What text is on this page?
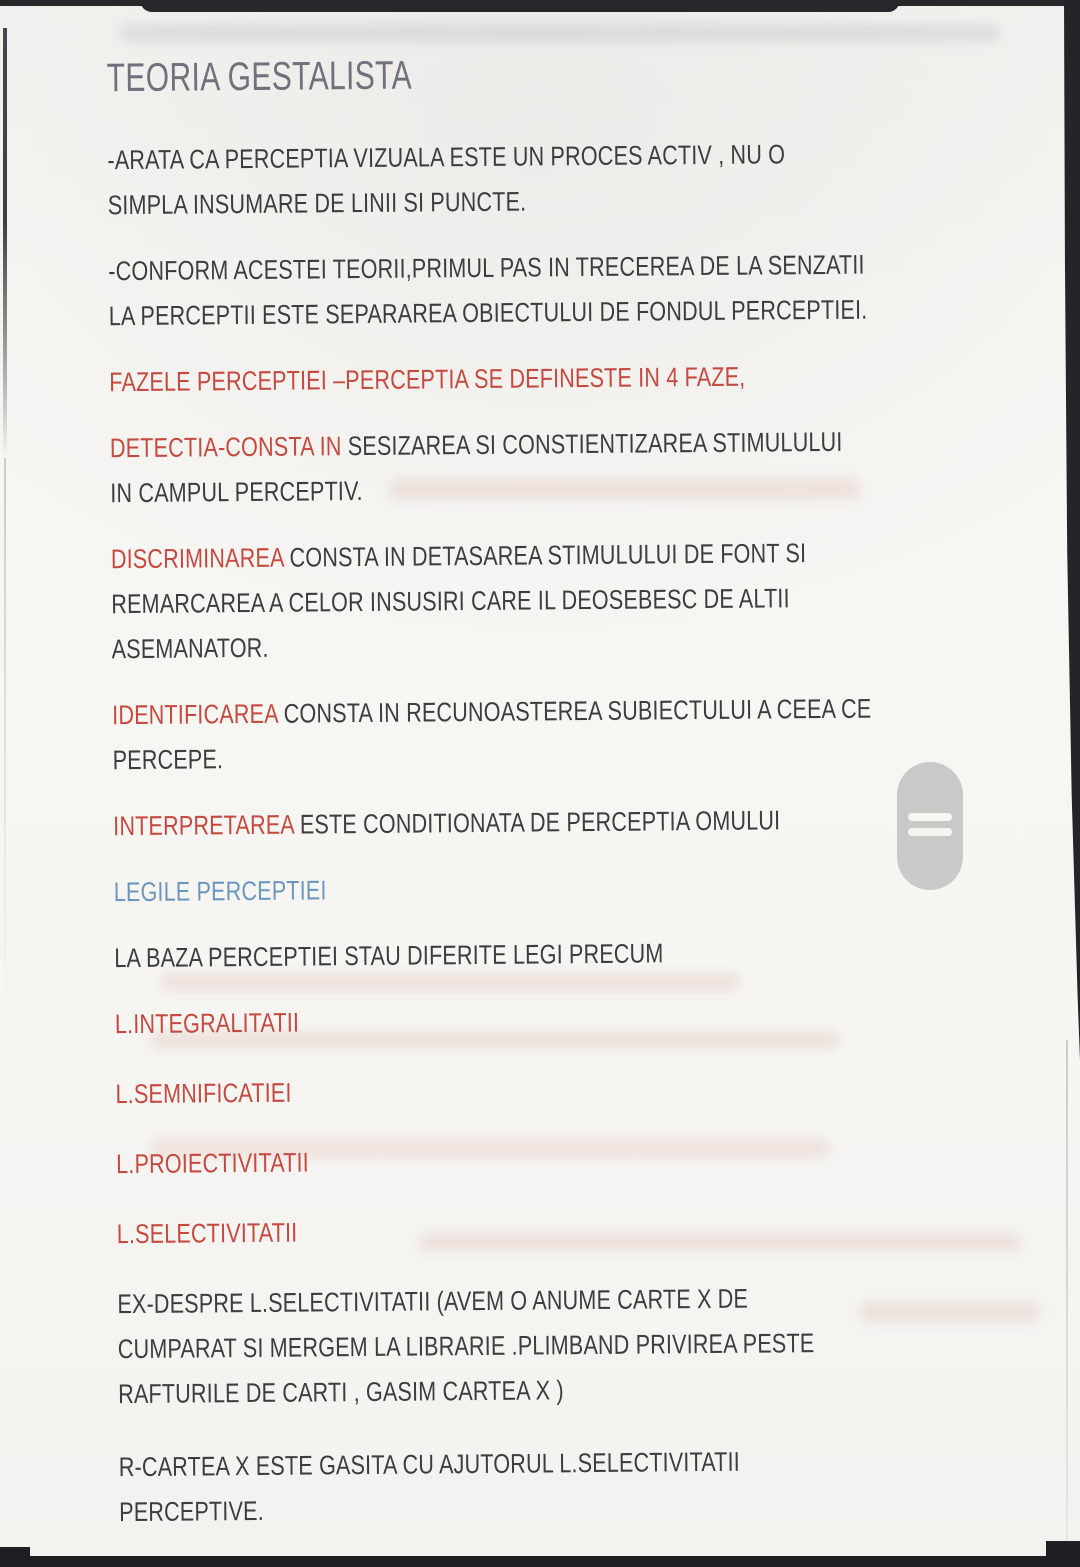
TEORIA GESTALISTA
-ARATA CA PERCEPTIA VIZUALA ESTE UN PROCES ACTIV , NU O
SIMPLA INSUMARE DE LINII SI PUNCTE.
-CONFORM ACESTEI TEORII,PRIMUL PAS IN TRECEREA DE LA SENZATII
LA PERCEPTII ESTE SEPARAREA OBIECTULUI DE FONDUL PERCEPTIEI.
FAZELE PERCEPTIEI –PERCEPTIA SE DEFINESTE IN 4 FAZE,
DETECTIA-CONSTA IN SESIZAREA SI CONSTIENTIZAREA STIMULULUI
IN CAMPUL PERCEPTIV.
DISCRIMINAREA CONSTA IN DETASAREA STIMULULUI DE FONT SI
REMARCAREA A CELOR INSUSIRI CARE IL DEOSEBESC DE ALTII
ASEMANATOR.
IDENTIFICAREA CONSTA IN RECUNOASTEREA SUBIECTULUI A CEEA CE
PERCEPE.
INTERPRETAREA ESTE CONDITIONATA DE PERCEPTIA OMULUI
LEGILE PERCEPTIEI
LA BAZA PERCEPTIEI STAU DIFERITE LEGI PRECUM
L.INTEGRALITATII
L.SEMNIFICATIEI
L.PROIECTIVITATII
L.SELECTIVITATII
EX-DESPRE L.SELECTIVITATII (AVEM O ANUME CARTE X DE
CUMPARAT SI MERGEM LA LIBRARIE .PLIMBAND PRIVIREA PESTE
RAFTURILE DE CARTI , GASIM CARTEA X )
R-CARTEA X ESTE GASITA CU AJUTORUL L.SELECTIVITATII
PERCEPTIVE.
